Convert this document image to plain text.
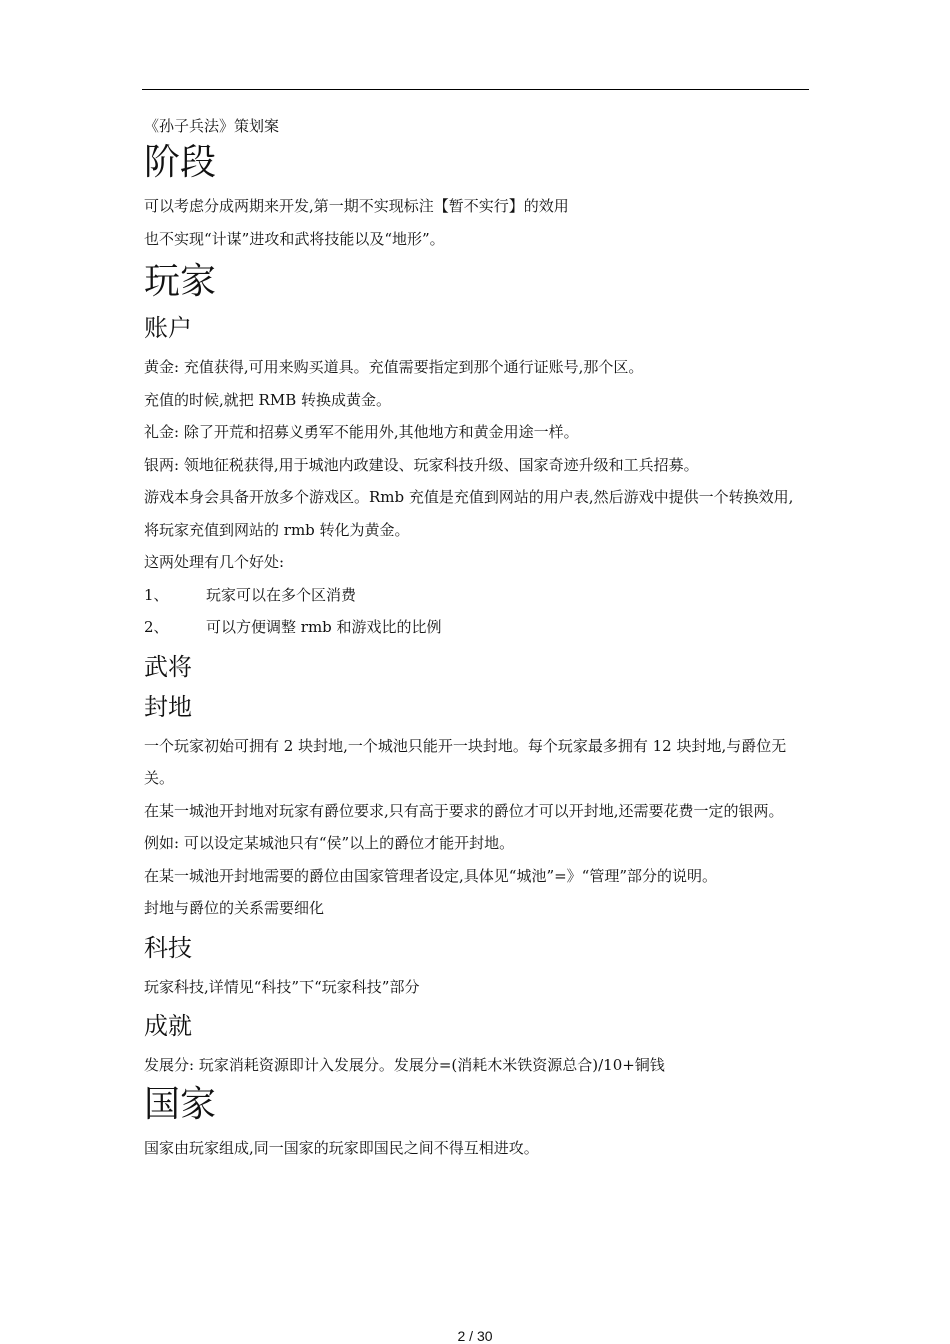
《孙子兵法》策划案
阶段

可以考虑分成两期来开发,第一期不实现标注【暂不实行】的效用

也不实现“计谋”进攻和武将技能以及“地形”。

玩家
账户

黄金: 充值获得,可用来购买道具。充值需要指定到那个通行证账号,那个区。

充值的时候,就把 RMB 转换成黄金。

礼金: 除了开荒和招募义勇军不能用外,其他地方和黄金用途一样。

银两: 领地征税获得,用于城池内政建设、玩家科技升级、国家奇迹升级和工兵招募。

游戏本身会具备开放多个游戏区。Rmb 充值是充值到网站的用户表,然后游戏中提供一个转换效用,将玩家充值到网站的 rmb 转化为黄金。

这两处理有几个好处:

1、	玩家可以在多个区消费
2、	可以方便调整 rmb 和游戏比的比例
武将
封地

一个玩家初始可拥有 2 块封地,一个城池只能开一块封地。每个玩家最多拥有 12 块封地,与爵位无关。

在某一城池开封地对玩家有爵位要求,只有高于要求的爵位才可以开封地,还需要花费一定的银两。例如: 可以设定某城池只有“侯”以上的爵位才能开封地。

在某一城池开封地需要的爵位由国家管理者设定,具体见“城池”=》“管理”部分的说明。

封地与爵位的关系需要细化

科技

玩家科技,详情见“科技”下“玩家科技”部分

成就

发展分: 玩家消耗资源即计入发展分。发展分=(消耗木米铁资源总合)/10+铜钱

国家

国家由玩家组成,同一国家的玩家即国民之间不得互相进攻。

2 / 30
